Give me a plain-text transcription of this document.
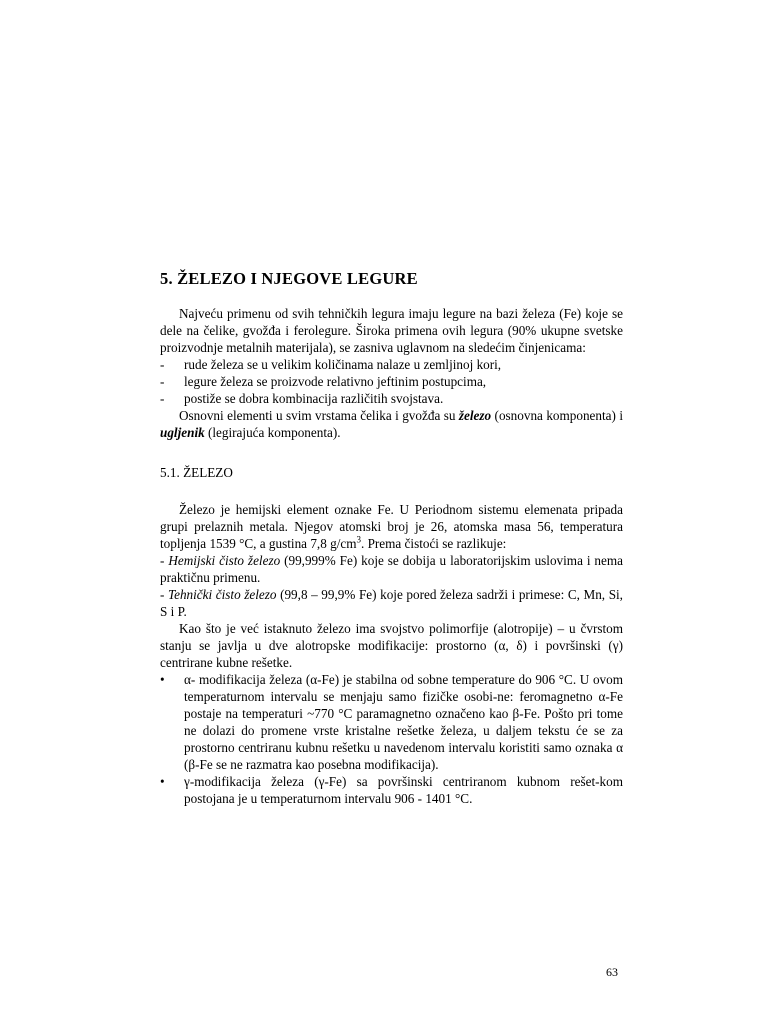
5. ŽELEZO I NJEGOVE LEGURE

Najveću primenu od svih tehničkih legura imaju legure na bazi železa (Fe) koje se dele na čelike, gvožđa i ferolegure. Široka primena ovih legura (90% ukupne svetske proizvodnje metalnih materijala), se zasniva uglavnom na sledećim činjenicama:

- rude železa se u velikim količinama nalaze u zemljinoj kori,
- legure železa se proizvode relativno jeftinim postupcima,
- postiže se dobra kombinacija različitih svojstava.

Osnovni elementi u svim vrstama čelika i gvožđa su železo (osnovna komponenta) i ugljenik (legirajuća komponenta).

5.1. ŽELEZO

Železo je hemijski element oznake Fe. U Periodnom sistemu elemenata pripada grupi prelaznih metala. Njegov atomski broj je 26, atomska masa 56, temperatura topljenja 1539 °C, a gustina 7,8 $g/cm^3$. Prema čistoći se razlikuje:

- Hemijski čisto železo (99,999% Fe) koje se dobija u laboratorijskim uslovima i nema praktičnu primenu.

- Tehnički čisto železo (99,8 – 99,9% Fe) koje pored železa sadrži i primese: C, Mn, Si, S i P.

Kao što je već istaknuto železo ima svojstvo polimorfije (alotropije) – u čvrstom stanju se javlja u dve alotropske modifikacije: prostorno (α, δ) i površinski (γ) centrirane kubne rešetke.

• α- modifikacija železa (α-Fe) je stabilna od sobne temperature do 906 °C. U ovom temperaturnom intervalu se menjaju samo fizičke osobi-ne: feromagnetno α-Fe postaje na temperaturi ~770 °C paramagnetno označeno kao β-Fe. Pošto pri tome ne dolazi do promene vrste kristalne rešetke železa, u daljem tekstu će se za prostorno centriranu kubnu rešetku u navedenom intervalu koristiti samo oznaka α (β-Fe se ne razmatra kao posebna modifikacija).
• γ-modifikacija železa (γ-Fe) sa površinski centriranom kubnom rešet-kom postojana je u temperaturnom intervalu 906 - 1401 °C.
63
